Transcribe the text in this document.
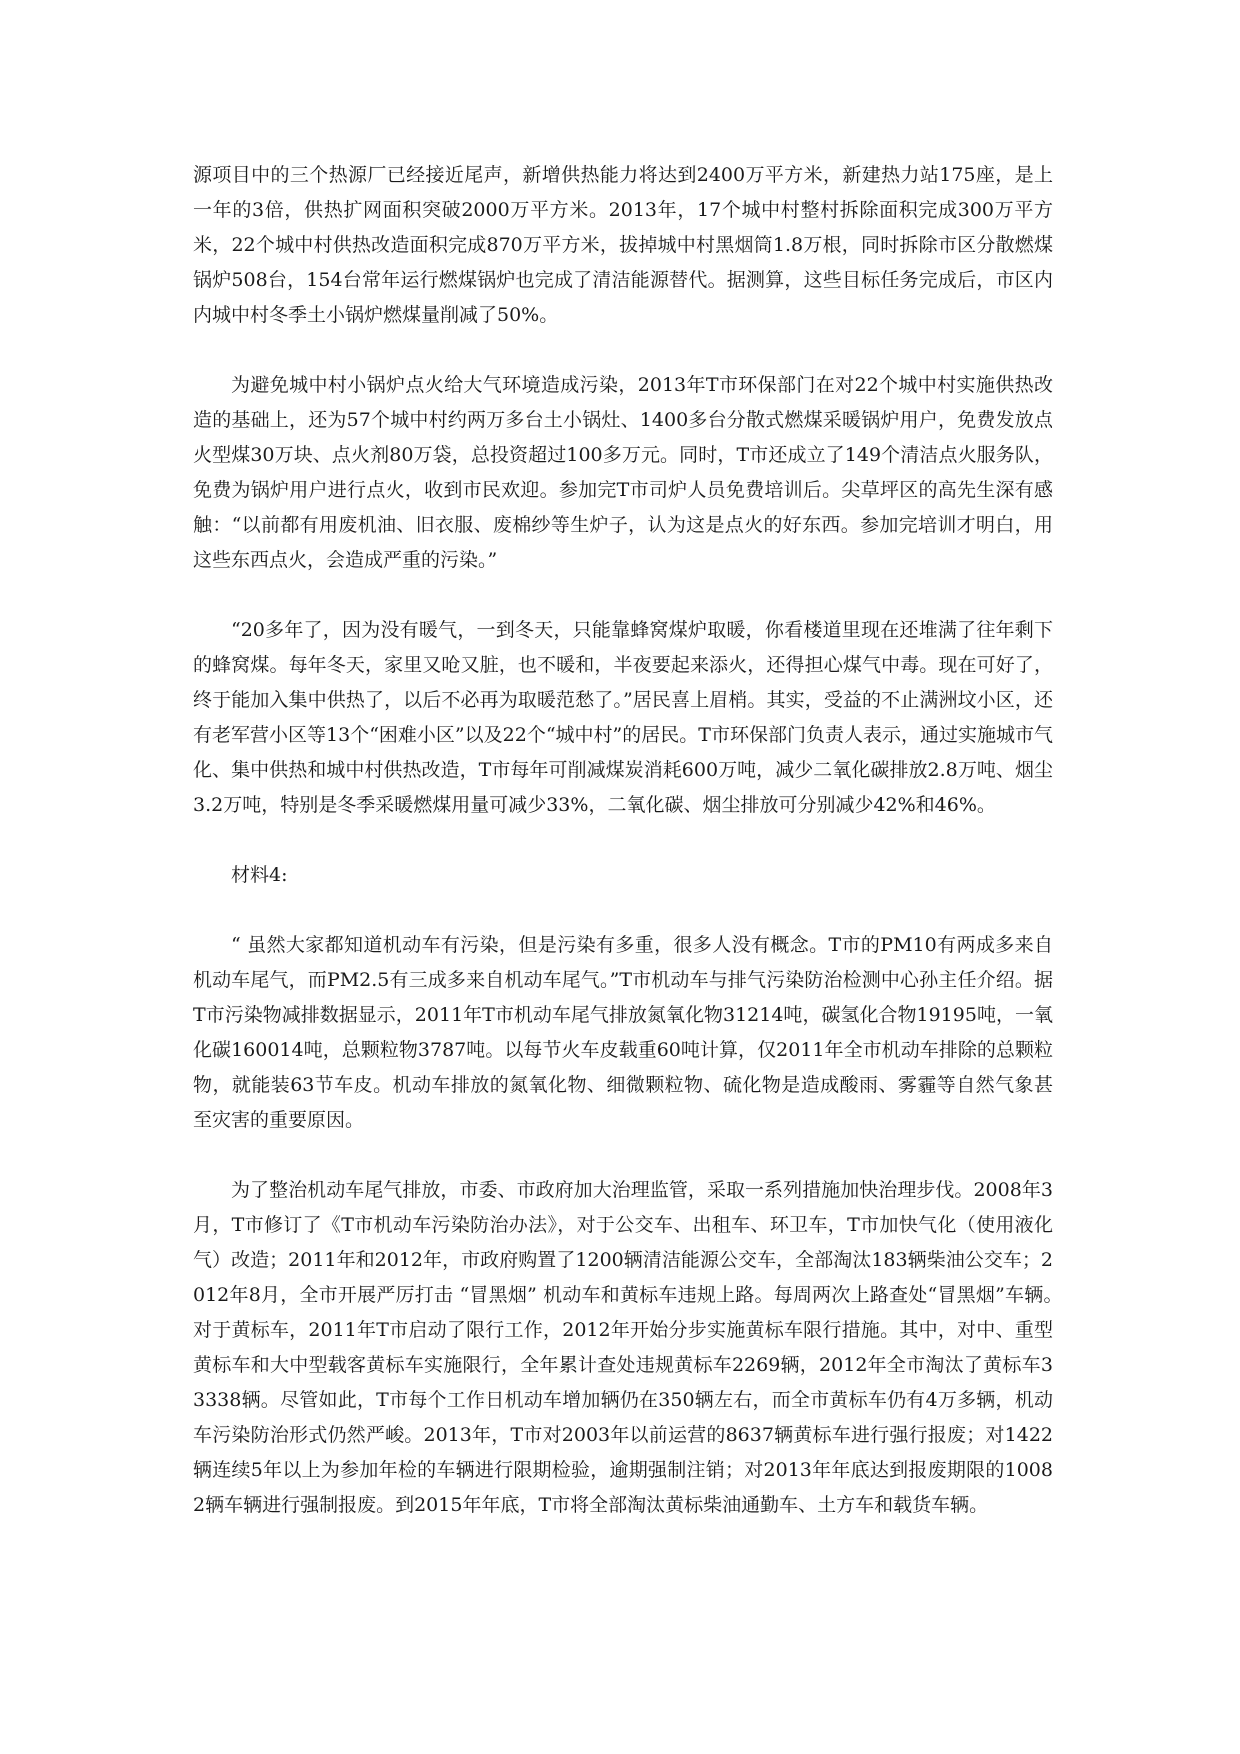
源项目中的三个热源厂已经接近尾声，新增供热能力将达到2400万平方米，新建热力站175座，是上一年的3倍，供热扩网面积突破2000万平方米。2013年，17个城中村整村拆除面积完成300万平方米，22个城中村供热改造面积完成870万平方米，拔掉城中村黑烟筒1.8万根，同时拆除市区分散燃煤锅炉508台，154台常年运行燃煤锅炉也完成了清洁能源替代。据测算，这些目标任务完成后，市区内内城中村冬季土小锅炉燃煤量削减了50%。

为避免城中村小锅炉点火给大气环境造成污染，2013年T市环保部门在对22个城中村实施供热改造的基础上，还为57个城中村约两万多台土小锅灶、1400多台分散式燃煤采暖锅炉用户，免费发放点火型煤30万块、点火剂80万袋，总投资超过100多万元。同时，T市还成立了149个清洁点火服务队，免费为锅炉用户进行点火，收到市民欢迎。参加完T市司炉人员免费培训后。尖草坪区的高先生深有感触：“以前都有用废机油、旧衣服、废棉纱等生炉子，认为这是点火的好东西。参加完培训才明白，用这些东西点火，会造成严重的污染。”

“20多年了，因为没有暖气，一到冬天，只能靠蜂窝煤炉取暖，你看楼道里现在还堆满了往年剩下的蜂窝煤。每年冬天，家里又呛又脏，也不暖和，半夜要起来添火，还得担心煤气中毒。现在可好了，终于能加入集中供热了，以后不必再为取暖范愁了。”居民喜上眉梢。其实，受益的不止满洲坟小区，还有老军营小区等13个“困难小区”以及22个“城中村”的居民。T市环保部门负责人表示，通过实施城市气化、集中供热和城中村供热改造，T市每年可削减煤炭消耗600万吨，减少二氧化碳排放2.8万吨、烟尘3.2万吨，特别是冬季采暖燃煤用量可减少33%，二氧化碳、烟尘排放可分别减少42%和46%。

材料4:

“ 虽然大家都知道机动车有污染，但是污染有多重，很多人没有概念。T市的PM10有两成多来自机动车尾气，而PM2.5有三成多来自机动车尾气。”T市机动车与排气污染防治检测中心孙主任介绍。据T市污染物减排数据显示，2011年T市机动车尾气排放氮氧化物31214吨，碳氢化合物19195吨，一氧化碳160014吨，总颗粒物3787吨。以每节火车皮载重60吨计算，仅2011年全市机动车排除的总颗粒物，就能装63节车皮。机动车排放的氮氧化物、细微颗粒物、硫化物是造成酸雨、雾霾等自然气象甚至灾害的重要原因。

为了整治机动车尾气排放，市委、市政府加大治理监管，采取一系列措施加快治理步伐。2008年3月，T市修订了《T市机动车污染防治办法》，对于公交车、出租车、环卫车，T市加快气化（使用液化气）改造；2011年和2012年，市政府购置了1200辆清洁能源公交车，全部淘汰183辆柴油公交车；2012年8月，全市开展严厉打击 “冒黑烟” 机动车和黄标车违规上路。每周两次上路查处“冒黑烟”车辆。　 对于黄标车，2011年T市启动了限行工作，2012年开始分步实施黄标车限行措施。其中，对中、重型黄标车和大中型载客黄标车实施限行，全年累计查处违规黄标车2269辆，2012年全市淘汰了黄标车33338辆。尽管如此，T市每个工作日机动车增加辆仍在350辆左右，而全市黄标车仍有4万多辆，机动车污染防治形式仍然严峻。2013年，T市对2003年以前运营的8637辆黄标车进行强行报废；对1422辆连续5年以上为参加年检的车辆进行限期检验，逾期强制注销；对2013年年底达到报废期限的10082辆车辆进行强制报废。到2015年年底，T市将全部淘汰黄标柴油通勤车、土方车和载货车辆。
